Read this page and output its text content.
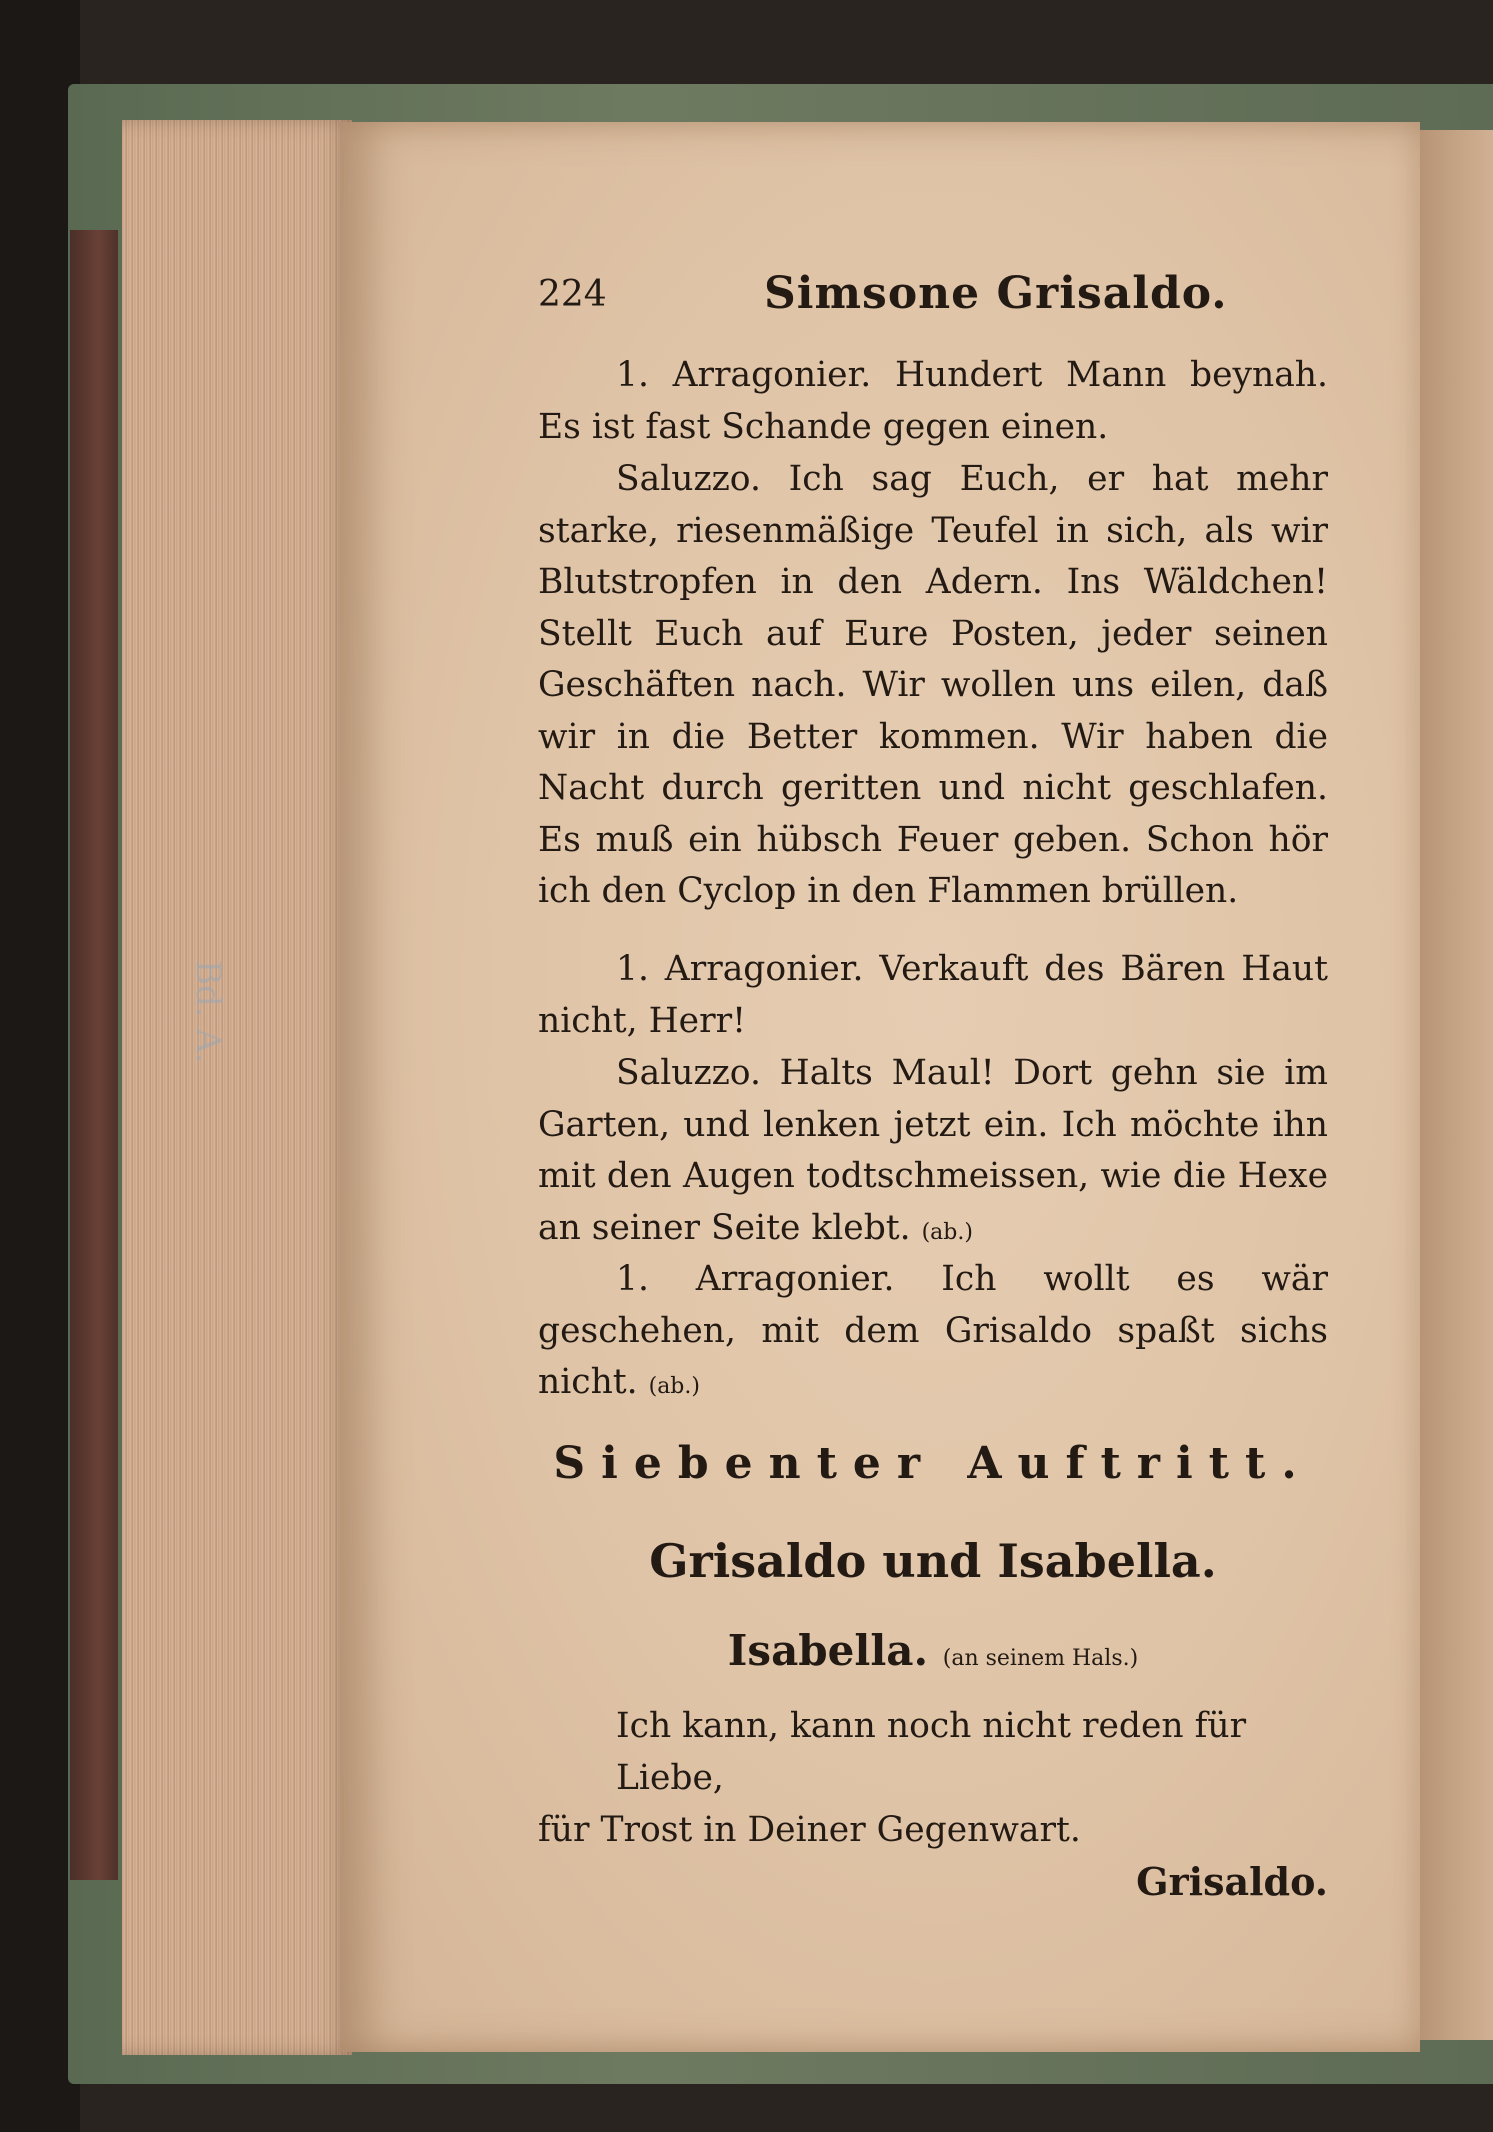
Bd. A.
224	Simsone Grisaldo.
1. Arragonier. Hundert Mann beynah. Es ist fast Schande gegen einen.
Saluzzo. Ich sag Euch, er hat mehr starke, riesenmäßige Teufel in sich, als wir Blutstropfen in den Adern. Ins Wäldchen! Stellt Euch auf Eure Posten, jeder seinen Geschäften nach. Wir wollen uns eilen, daß wir in die Better kommen. Wir haben die Nacht durch geritten und nicht geschlafen. Es muß ein hübsch Feuer geben. Schon hör ich den Cyclop in den Flammen brüllen.
1. Arragonier. Verkauft des Bären Haut nicht, Herr!
Saluzzo. Halts Maul! Dort gehn sie im Garten, und lenken jetzt ein. Ich möchte ihn mit den Augen todtschmeissen, wie die Hexe an seiner Seite klebt. (ab.)
1. Arragonier. Ich wollt es wär geschehen, mit dem Grisaldo spaßt sichs nicht. (ab.)
Siebenter Auftritt.
Grisaldo und Isabella.
Isabella. (an seinem Hals.)
Ich kann, kann noch nicht reden für Liebe,
für Trost in Deiner Gegenwart.
Grisaldo.
